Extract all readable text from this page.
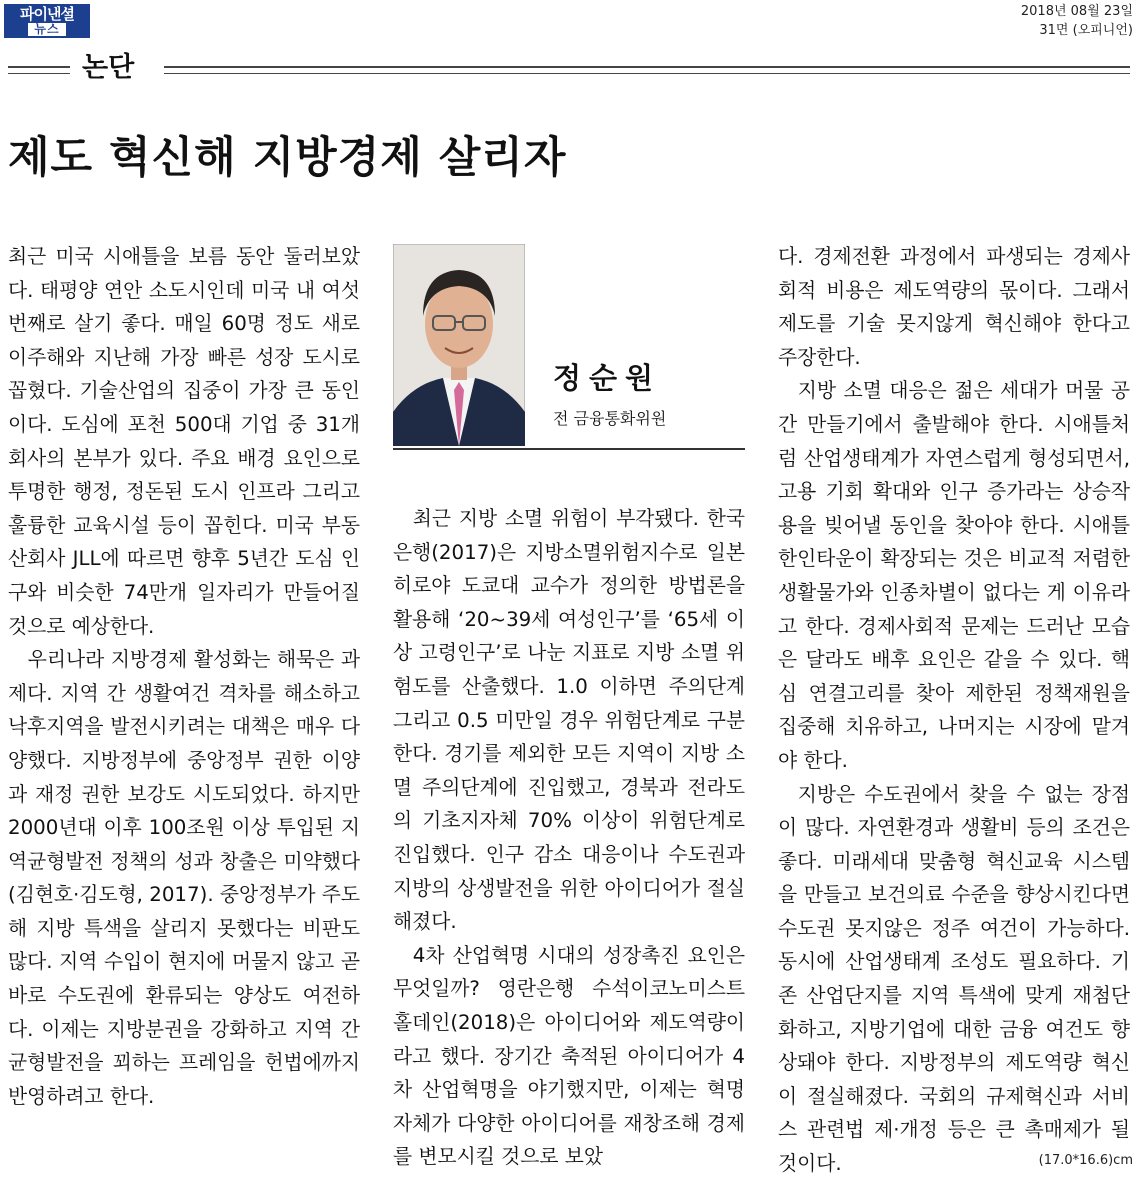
파이낸셜
뉴스
2018년 08월 23일
31면 (오피니언)
논단
제도 혁신해 지방경제 살리자

최근 미국 시애틀을 보름 동안 둘러보았다. 태평양 연안 소도시인데 미국 내 여섯 번째로 살기 좋다. 매일 60명 정도 새로 이주해와 지난해 가장 빠른 성장 도시로 꼽혔다. 기술산업의 집중이 가장 큰 동인이다. 도심에 포천 500대 기업 중 31개 회사의 본부가 있다. 주요 배경 요인으로 투명한 행정, 정돈된 도시 인프라 그리고 훌륭한 교육시설 등이 꼽힌다. 미국 부동산회사 JLL에 따르면 향후 5년간 도심 인구와 비슷한 74만개 일자리가 만들어질 것으로 예상한다.

우리나라 지방경제 활성화는 해묵은 과제다. 지역 간 생활여건 격차를 해소하고 낙후지역을 발전시키려는 대책은 매우 다양했다. 지방정부에 중앙정부 권한 이양과 재정 권한 보강도 시도되었다. 하지만 2000년대 이후 100조원 이상 투입된 지역균형발전 정책의 성과 창출은 미약했다(김현호·김도형, 2017). 중앙정부가 주도해 지방 특색을 살리지 못했다는 비판도 많다. 지역 수입이 현지에 머물지 않고 곧바로 수도권에 환류되는 양상도 여전하다. 이제는 지방분권을 강화하고 지역 간 균형발전을 꾀하는 프레임을 헌법에까지 반영하려고 한다.

정순원
전 금융통화위원

최근 지방 소멸 위험이 부각됐다. 한국은행(2017)은 지방소멸위험지수로 일본 히로야 도쿄대 교수가 정의한 방법론을 활용해 ‘20~39세 여성인구’를 ‘65세 이상 고령인구’로 나눈 지표로 지방 소멸 위험도를 산출했다. 1.0 이하면 주의단계 그리고 0.5 미만일 경우 위험단계로 구분한다. 경기를 제외한 모든 지역이 지방 소멸 주의단계에 진입했고, 경북과 전라도의 기초지자체 70% 이상이 위험단계로 진입했다. 인구 감소 대응이나 수도권과 지방의 상생발전을 위한 아이디어가 절실해졌다.

4차 산업혁명 시대의 성장촉진 요인은 무엇일까? 영란은행 수석이코노미스트 홀데인(2018)은 아이디어와 제도역량이라고 했다. 장기간 축적된 아이디어가 4차 산업혁명을 야기했지만, 이제는 혁명 자체가 다양한 아이디어를 재창조해 경제를 변모시킬 것으로 보았

다. 경제전환 과정에서 파생되는 경제사회적 비용은 제도역량의 몫이다. 그래서 제도를 기술 못지않게 혁신해야 한다고 주장한다.

지방 소멸 대응은 젊은 세대가 머물 공간 만들기에서 출발해야 한다. 시애틀처럼 산업생태계가 자연스럽게 형성되면서, 고용 기회 확대와 인구 증가라는 상승작용을 빚어낼 동인을 찾아야 한다. 시애틀 한인타운이 확장되는 것은 비교적 저렴한 생활물가와 인종차별이 없다는 게 이유라고 한다. 경제사회적 문제는 드러난 모습은 달라도 배후 요인은 같을 수 있다. 핵심 연결고리를 찾아 제한된 정책재원을 집중해 치유하고, 나머지는 시장에 맡겨야 한다.

지방은 수도권에서 찾을 수 없는 장점이 많다. 자연환경과 생활비 등의 조건은 좋다. 미래세대 맞춤형 혁신교육 시스템을 만들고 보건의료 수준을 향상시킨다면 수도권 못지않은 정주 여건이 가능하다. 동시에 산업생태계 조성도 필요하다. 기존 산업단지를 지역 특색에 맞게 재첨단화하고, 지방기업에 대한 금융 여건도 향상돼야 한다. 지방정부의 제도역량 혁신이 절실해졌다. 국회의 규제혁신과 서비스 관련법 제·개정 등은 큰 촉매제가 될 것이다.	(17.0*16.6)cm
